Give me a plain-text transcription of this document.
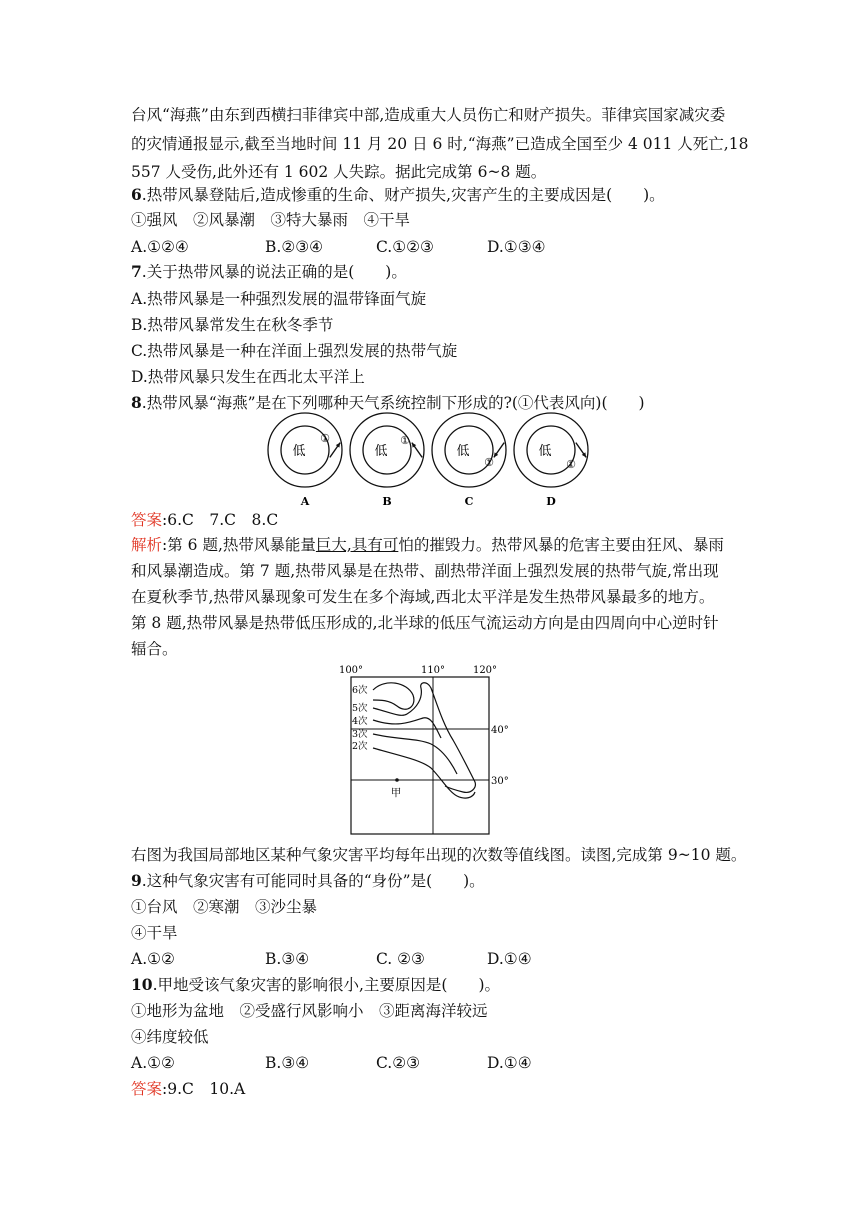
台风“海燕”由东到西横扫菲律宾中部,造成重大人员伤亡和财产损失。菲律宾国家减灾委
的灾情通报显示,截至当地时间 11 月 20 日 6 时,“海燕”已造成全国至少 4 011 人死亡,18
557 人受伤,此外还有 1 602 人失踪。据此完成第 6~8 题。
6.热带风暴登陆后,造成惨重的生命、财产损失,灾害产生的主要成因是(　　)。
①强风　②风暴潮　③特大暴雨　④干旱
A.①②④	B.②③④	C.①②③	D.①③④
7.关于热带风暴的说法正确的是(　　)。
A.热带风暴是一种强烈发展的温带锋面气旋
B.热带风暴常发生在秋冬季节
C.热带风暴是一种在洋面上强烈发展的热带气旋
D.热带风暴只发生在西北太平洋上
8.热带风暴“海燕”是在下列哪种天气系统控制下形成的?(①代表风向)(　　)
低
①
A
低
①
B
低
①
C
低
①
D
答案:6.C　7.C　8.C
解析:第 6 题,热带风暴能量巨大,具有可怕的摧毁力。热带风暴的危害主要由狂风、暴雨
和风暴潮造成。第 7 题,热带风暴是在热带、副热带洋面上强烈发展的热带气旋,常出现
在夏秋季节,热带风暴现象可发生在多个海域,西北太平洋是发生热带风暴最多的地方。
第 8 题,热带风暴是热带低压形成的,北半球的低压气流运动方向是由四周向中心逆时针
辐合。
100°	110°	120°
40°
30°
6次
5次
4次
3次
2次
甲
右图为我国局部地区某种气象灾害平均每年出现的次数等值线图。读图,完成第 9~10 题。
9.这种气象灾害有可能同时具备的“身份”是(　　)。
①台风　②寒潮　③沙尘暴
④干旱
A.①②	B.③④	C. ②③	D.①④
10.甲地受该气象灾害的影响很小,主要原因是(　　)。
①地形为盆地　②受盛行风影响小　③距离海洋较远
④纬度较低
A.①②	B.③④	C.②③	D.①④
答案:9.C　10.A
